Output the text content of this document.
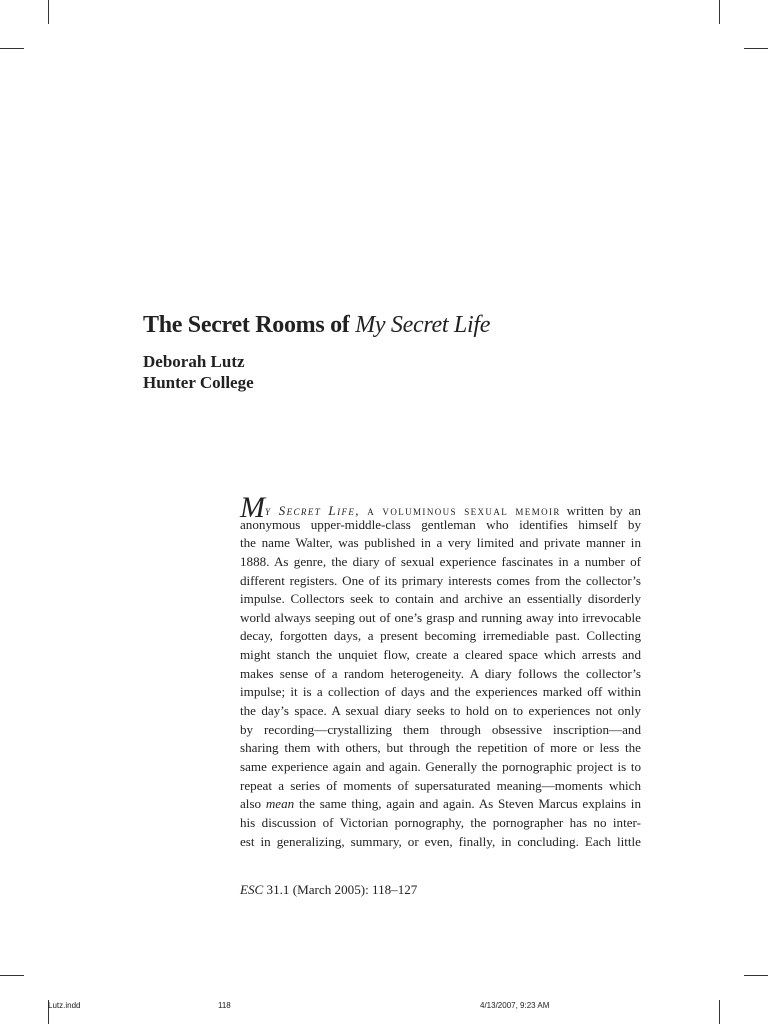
The Secret Rooms of My Secret Life

Deborah Lutz

Hunter College

My Secret Life, a voluminous sexual memoir written by an
anonymous upper-middle-class gentleman who identifies himself by
the name Walter, was published in a very limited and private manner in
1888. As genre, the diary of sexual experience fascinates in a number of
different registers. One of its primary interests comes from the collector’s
impulse. Collectors seek to contain and archive an essentially disorderly
world always seeping out of one’s grasp and running away into irrevocable
decay, forgotten days, a present becoming irremediable past. Collecting
might stanch the unquiet flow, create a cleared space which arrests and
makes sense of a random heterogeneity. A diary follows the collector’s
impulse; it is a collection of days and the experiences marked off within
the day’s space. A sexual diary seeks to hold on to experiences not only
by recording—crystallizing them through obsessive inscription—and
sharing them with others, but through the repetition of more or less the
same experience again and again. Generally the pornographic project is to
repeat a series of moments of supersaturated meaning—moments which
also mean the same thing, again and again. As Steven Marcus explains in
his discussion of Victorian pornography, the pornographer has no inter-
est in generalizing, summary, or even, finally, in concluding. Each little
ESC 31.1 (March 2005): 118–127
Lutz.indd	118	4/13/2007, 9:23 AM
